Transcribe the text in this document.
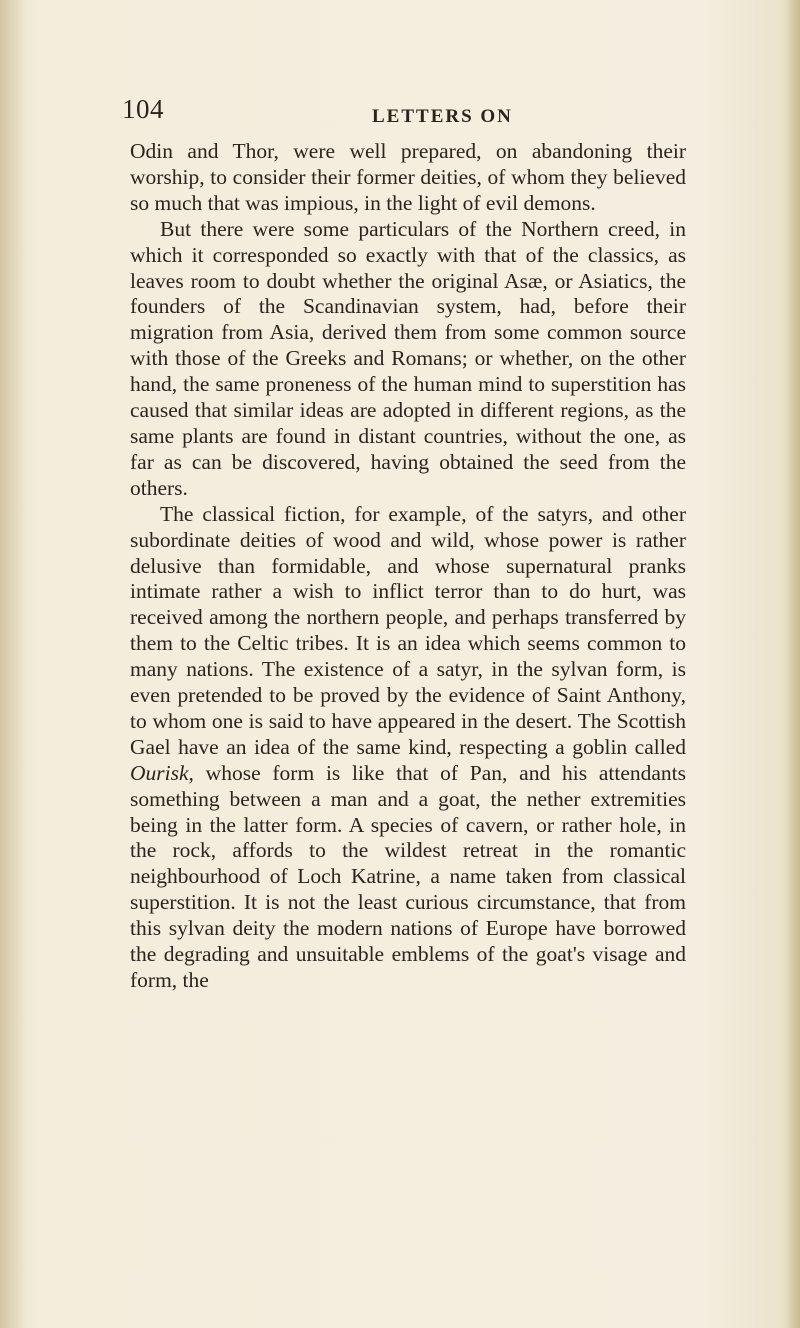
104	LETTERS ON

Odin and Thor, were well prepared, on abandoning their worship, to consider their former deities, of whom they believed so much that was impious, in the light of evil demons.

But there were some particulars of the Northern creed, in which it corresponded so exactly with that of the classics, as leaves room to doubt whether the original Asæ, or Asiatics, the founders of the Scandinavian system, had, before their migration from Asia, derived them from some common source with those of the Greeks and Romans; or whether, on the other hand, the same proneness of the human mind to superstition has caused that similar ideas are adopted in different regions, as the same plants are found in distant countries, without the one, as far as can be discovered, having obtained the seed from the others.

The classical fiction, for example, of the satyrs, and other subordinate deities of wood and wild, whose power is rather delusive than formidable, and whose supernatural pranks intimate rather a wish to inflict terror than to do hurt, was received among the northern people, and perhaps transferred by them to the Celtic tribes. It is an idea which seems common to many nations. The existence of a satyr, in the sylvan form, is even pretended to be proved by the evidence of Saint Anthony, to whom one is said to have appeared in the desert. The Scottish Gael have an idea of the same kind, respecting a goblin called Ourisk, whose form is like that of Pan, and his attendants something between a man and a goat, the nether extremities being in the latter form. A species of cavern, or rather hole, in the rock, affords to the wildest retreat in the romantic neighbourhood of Loch Katrine, a name taken from classical superstition. It is not the least curious circumstance, that from this sylvan deity the modern nations of Europe have borrowed the degrading and unsuitable emblems of the goat's visage and form, the
